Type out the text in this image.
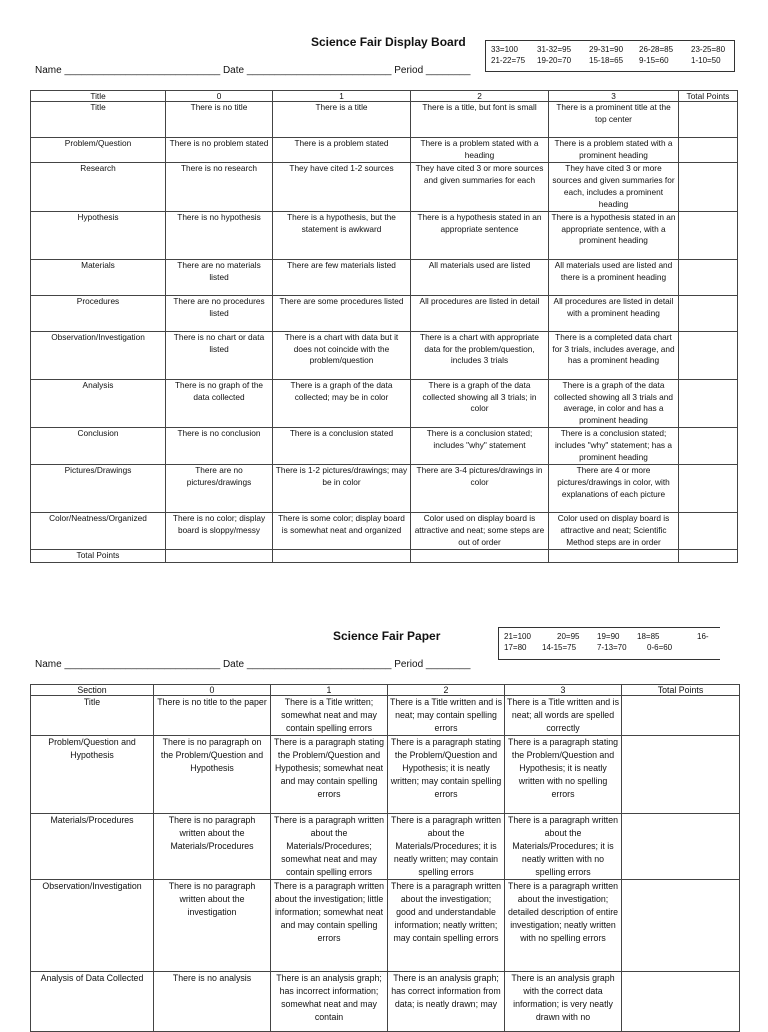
Science Fair Display Board
33=100	31-32=95	29-31=90	26-28=85	23-25=80
21-22=75	19-20=70	15-18=65	9-15=60	1-10=50
Name ____________________________ Date __________________________ Period ________
Title	0	1	2	3	Total Points
Title	There is no title	There is a title	There is a title, but font is small	There is a prominent title at the top center	
Problem/Question	There is no problem stated	There is a problem stated	There is a problem stated with a heading	There is a problem stated with a prominent heading	
Research	There is no research	They have cited 1-2 sources	They have cited 3 or more sources and given summaries for each	They have cited 3 or more sources and given summaries for each, includes a prominent heading	
Hypothesis	There is no hypothesis	There is a hypothesis, but the statement is awkward	There is a hypothesis stated in an appropriate sentence	There is a hypothesis stated in an appropriate sentence, with a prominent heading	
Materials	There are no materials listed	There are few materials listed	All materials used are listed	All materials used are listed and there is a prominent heading	
Procedures	There are no procedures listed	There are some procedures listed	All procedures are listed in detail	All procedures are listed in detail with a prominent heading	
Observation/Investigation	There is no chart or data listed	There is a chart with data but it does not coincide with the problem/question	There is a chart with appropriate data for the problem/question, includes 3 trials	There is a completed data chart for 3 trials, includes average, and has a prominent heading	
Analysis	There is no graph of the data collected	There is a graph of the data collected; may be in color	There is a graph of the data collected showing all 3 trials; in color	There is a graph of the data collected showing all 3 trials and average, in color and has a prominent heading	
Conclusion	There is no conclusion	There is a conclusion stated	There is a conclusion stated; includes "why" statement	There is a conclusion stated; includes "why" statement; has a prominent heading	
Pictures/Drawings	There are no pictures/drawings	There is 1-2 pictures/drawings; may be in color	There are 3-4 pictures/drawings in color	There are 4 or more pictures/drawings in color, with explanations of each picture	
Color/Neatness/Organized	There is no color; display board is sloppy/messy	There is some color; display board is somewhat neat and organized	Color used on display board is attractive and neat; some steps are out of order	Color used on display board is attractive and neat; Scientific Method steps are in order	
Total Points					
Science Fair Paper	21=100	20=95	19=90	18=85	16-
17=80	14-15=75	7-13=70	0-6=60
Name ____________________________ Date __________________________ Period ________
Section	0	1	2	3	Total Points
Title	There is no title to the paper	There is a Title written; somewhat neat and may contain spelling errors	There is a Title written and is neat; may contain spelling errors	There is a Title written and is neat; all words are spelled correctly	
Problem/Question and Hypothesis	There is no paragraph on the Problem/Question and Hypothesis	There is a paragraph stating the Problem/Question and Hypothesis; somewhat neat and may contain spelling errors	There is a paragraph stating the Problem/Question and Hypothesis; it is neatly written; may contain spelling errors	There is a paragraph stating the Problem/Question and Hypothesis; it is neatly written with no spelling errors	
Materials/Procedures	There is no paragraph written about the Materials/Procedures	There is a paragraph written about the Materials/Procedures; somewhat neat and may contain spelling errors	There is a paragraph written about the Materials/Procedures; it is neatly written; may contain spelling errors	There is a paragraph written about the Materials/Procedures; it is neatly written with no spelling errors	
Observation/Investigation	There is no paragraph written about the investigation	There is a paragraph written about the investigation; little information; somewhat neat and may contain spelling errors	There is a paragraph written about the investigation; good and understandable information; neatly written; may contain spelling errors	There is a paragraph written about the investigation; detailed description of entire investigation; neatly written with no spelling errors	
Analysis of Data Collected	There is no analysis	There is an analysis graph; has incorrect information; somewhat neat and may contain	There is an analysis graph; has correct information from data; is neatly drawn; may	There is an analysis graph with the correct data information; is very neatly drawn with no	
